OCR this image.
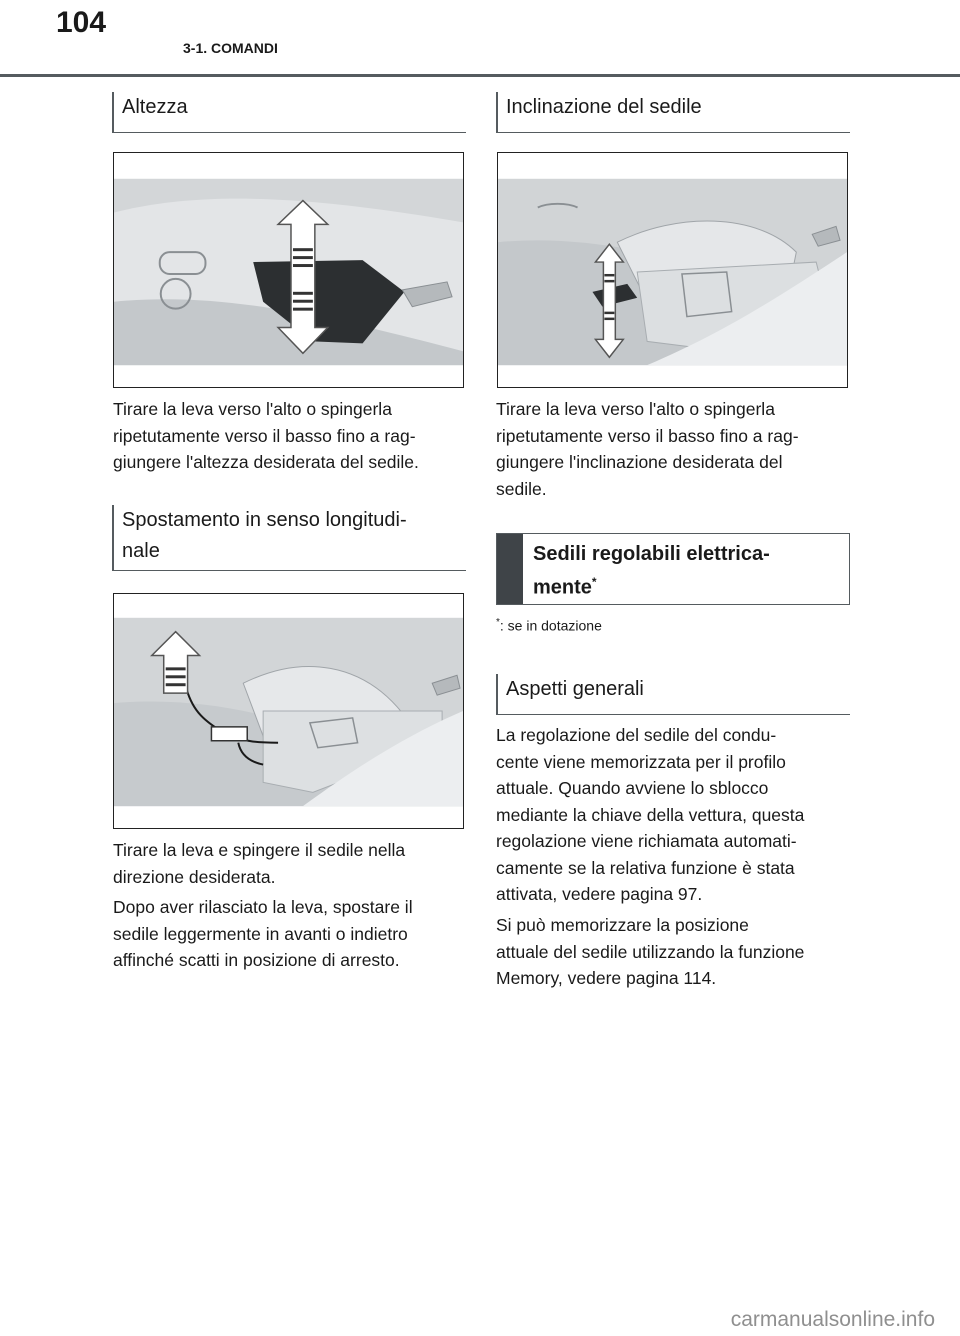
104
3-1. COMANDI
Altezza

Tirare la leva verso l'alto o spingerla
ripetutamente verso il basso fino a rag-
giungere l'altezza desiderata del sedile.

Spostamento in senso longitudi-
nale

Tirare la leva e spingere il sedile nella
direzione desiderata.

Dopo aver rilasciato la leva, spostare il
sedile leggermente in avanti o indietro
affinché scatti in posizione di arresto.

Inclinazione del sedile

Tirare la leva verso l'alto o spingerla
ripetutamente verso il basso fino a rag-
giungere l'inclinazione desiderata del
sedile.

Sedili regolabili elettrica-
mente*
*: se in dotazione
Aspetti generali

La regolazione del sedile del condu-
cente viene memorizzata per il profilo
attuale. Quando avviene lo sblocco
mediante la chiave della vettura, questa
regolazione viene richiamata automati-
camente se la relativa funzione è stata
attivata, vedere pagina 97.

Si può memorizzare la posizione
attuale del sedile utilizzando la funzione
Memory, vedere pagina 114.

carmanualsonline.info
